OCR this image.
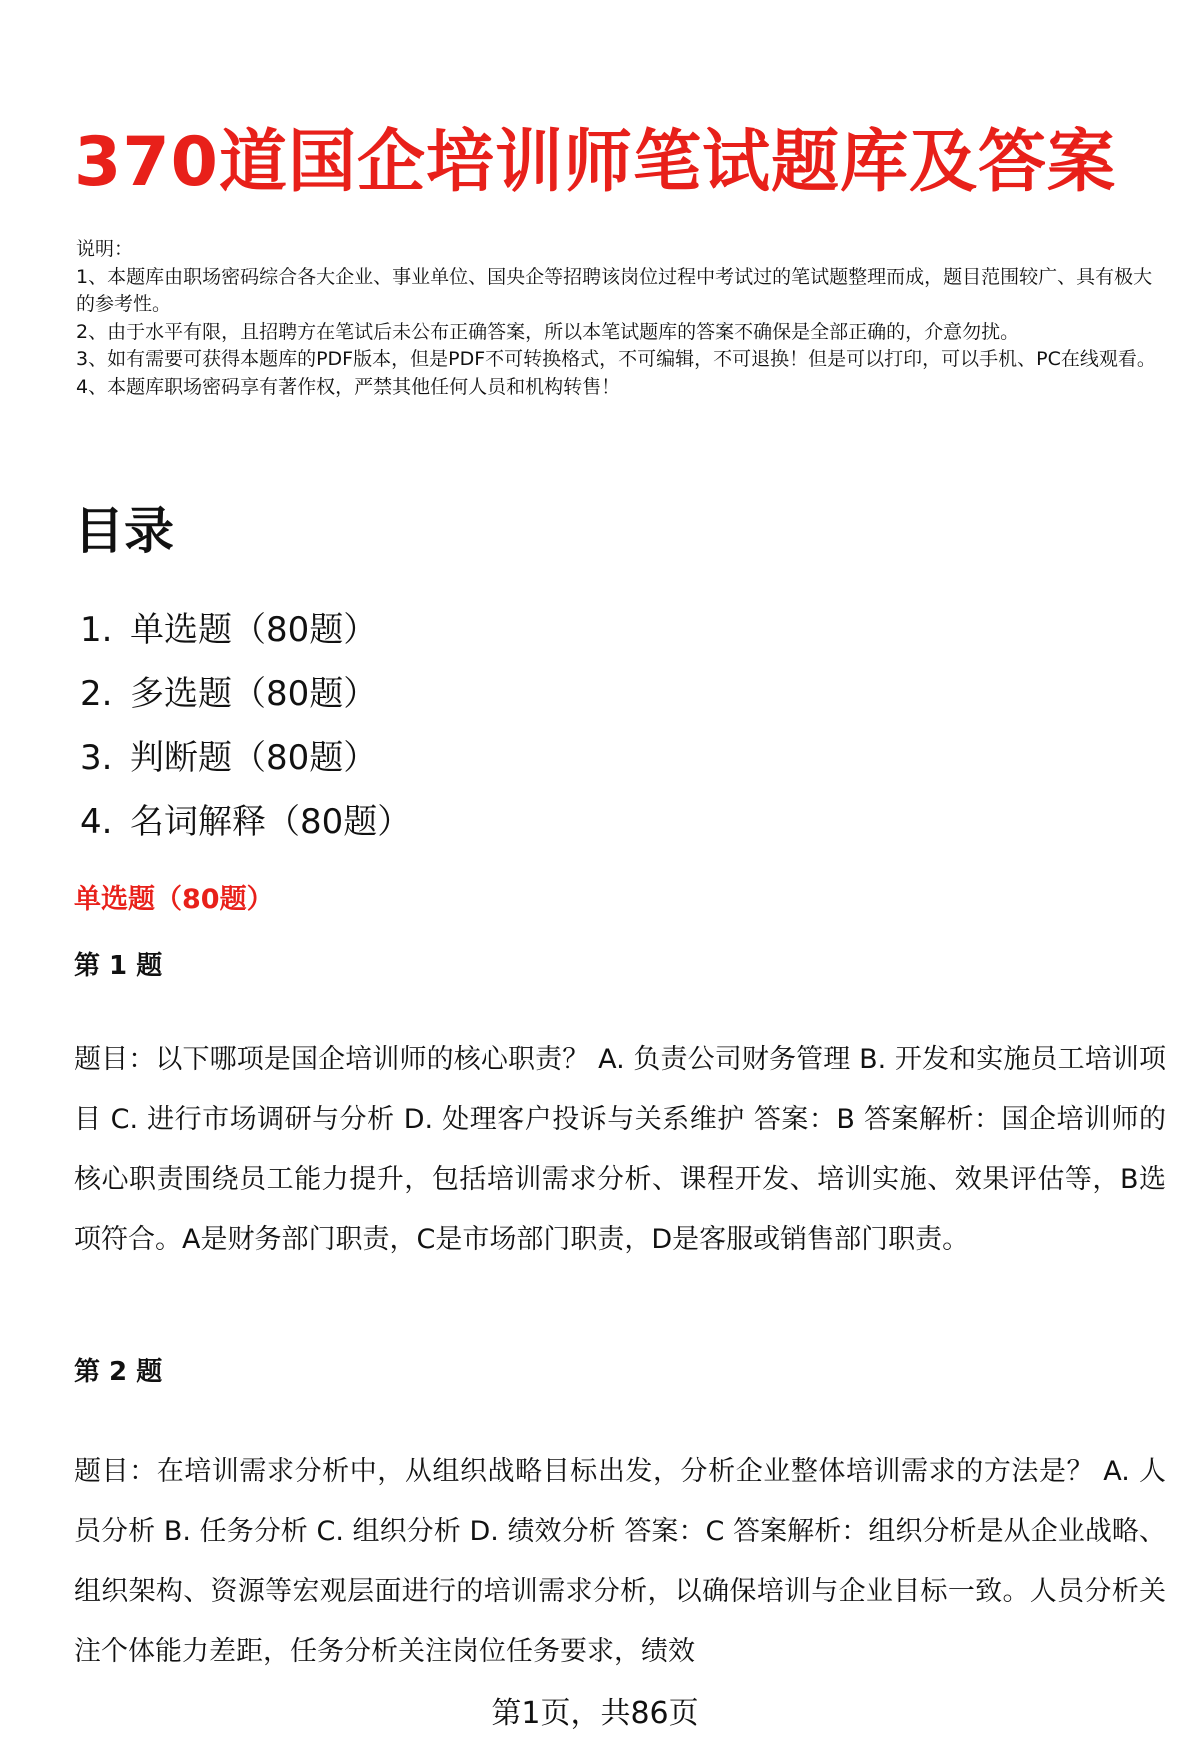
370道国企培训师笔试题库及答案
说明：
1、本题库由职场密码综合各大企业、事业单位、国央企等招聘该岗位过程中考试过的笔试题整理而成，题目范围较广、具有极大的参考性。
2、由于水平有限，且招聘方在笔试后未公布正确答案，所以本笔试题库的答案不确保是全部正确的，介意勿扰。
3、如有需要可获得本题库的PDF版本，但是PDF不可转换格式，不可编辑，不可退换！但是可以打印，可以手机、PC在线观看。
4、本题库职场密码享有著作权，严禁其他任何人员和机构转售！
目录
1. 单选题（80题）
2. 多选题（80题）
3. 判断题（80题）
4. 名词解释（80题）
单选题（80题）
第 1 题
题目：以下哪项是国企培训师的核心职责？ A. 负责公司财务管理 B. 开发和实施员工培训项目 C. 进行市场调研与分析 D. 处理客户投诉与关系维护 答案：B 答案解析：国企培训师的核心职责围绕员工能力提升，包括培训需求分析、课程开发、培训实施、效果评估等，B选项符合。A是财务部门职责，C是市场部门职责，D是客服或销售部门职责。
第 2 题
题目：在培训需求分析中，从组织战略目标出发，分析企业整体培训需求的方法是？ A. 人员分析 B. 任务分析 C. 组织分析 D. 绩效分析 答案：C 答案解析：组织分析是从企业战略、组织架构、资源等宏观层面进行的培训需求分析，以确保培训与企业目标一致。人员分析关注个体能力差距，任务分析关注岗位任务要求，绩效
第1页，共86页
